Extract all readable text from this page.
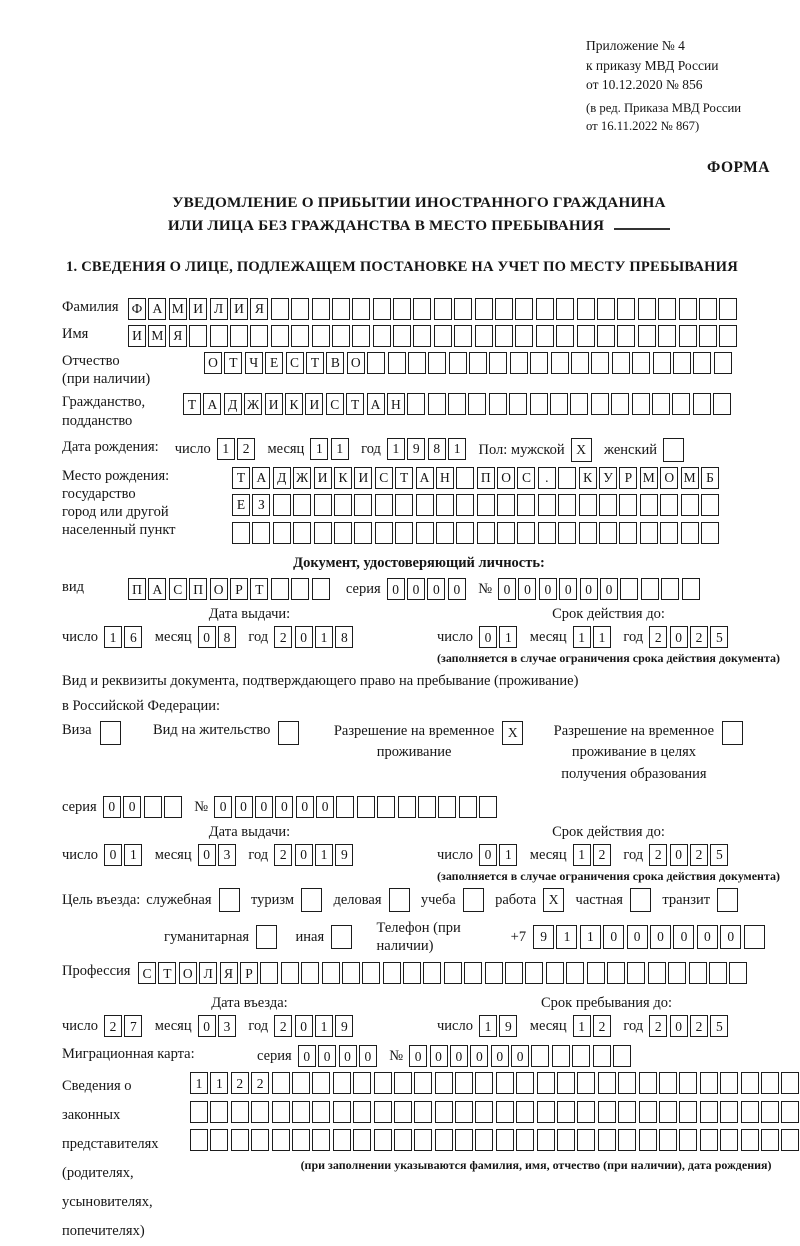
Приложение № 4
к приказу МВД России
от 10.12.2020 № 856
(в ред. Приказа МВД России
от 16.11.2022 № 867)
ФОРМА
УВЕДОМЛЕНИЕ О ПРИБЫТИИ ИНОСТРАННОГО ГРАЖДАНИНА
ИЛИ ЛИЦА БЕЗ ГРАЖДАНСТВА В МЕСТО ПРЕБЫВАНИЯ
1. СВЕДЕНИЯ О ЛИЦЕ, ПОДЛЕЖАЩЕМ ПОСТАНОВКЕ НА УЧЕТ ПО МЕСТУ ПРЕБЫВАНИЯ
Фамилия Ф А М И Л И Я
Имя	И М Я
Отчество
(при наличии)
О Т Ч Е С Т В О
Гражданство,
подданство
Т А Д Ж И К И С Т А Н
Дата рождения: число 1	2	месяц 1	1	год 1	9	8	1	Пол: мужской X	женский
Место рождения:
государство
город или другой
населенный пункт
Т А Д Ж И К И С Т А Н	П О С	.	К У Р М О М Б
Е З
Документ, удостоверяющий личность:
вид	П А С П О Р Т	серия 0	0	0	0	№ 0	0	0	0	0	0
Дата выдачи:
число 1	6	месяц 0	8	год 2	0	1	8
Срок действия до:
число 0	1	месяц 1	1	год 2	0	2	5
(заполняется в случае ограничения срока действия документа)
Вид и реквизиты документа, подтверждающего право на пребывание (проживание)
в Российской Федерации:
Виза	Вид на жительство	Разрешение на временное
проживание
X	Разрешение на временное
проживание в целях
получения образования
серия 0	0	№ 0	0	0	0	0	0
Дата выдачи:
число 0	1	месяц 0	3	год 2	0	1	9
Срок действия до:
число 0	1	месяц 1	2	год 2	0	2	5
(заполняется в случае ограничения срока действия документа)
Цель въезда: служебная	туризм	деловая	учеба	работа X	частная	транзит
гуманитарная	иная
Телефон (при наличии)
+7	9	1	1	0	0	0	0	0	0
Профессия С Т О Л Я Р
Дата въезда:
число 2	7	месяц 0	3	год 2	0	1	9
Срок пребывания до:
число 1	9	месяц 1	2	год 2	0	2	5
Миграционная карта:	серия 0	0	0	0	№ 0	0	0	0	0	0
Сведения о
законных
представителях
(родителях,
усыновителях,
попечителях)
1	1	2	2
(при заполнении указываются фамилия, имя, отчество (при наличии), дата рождения)
